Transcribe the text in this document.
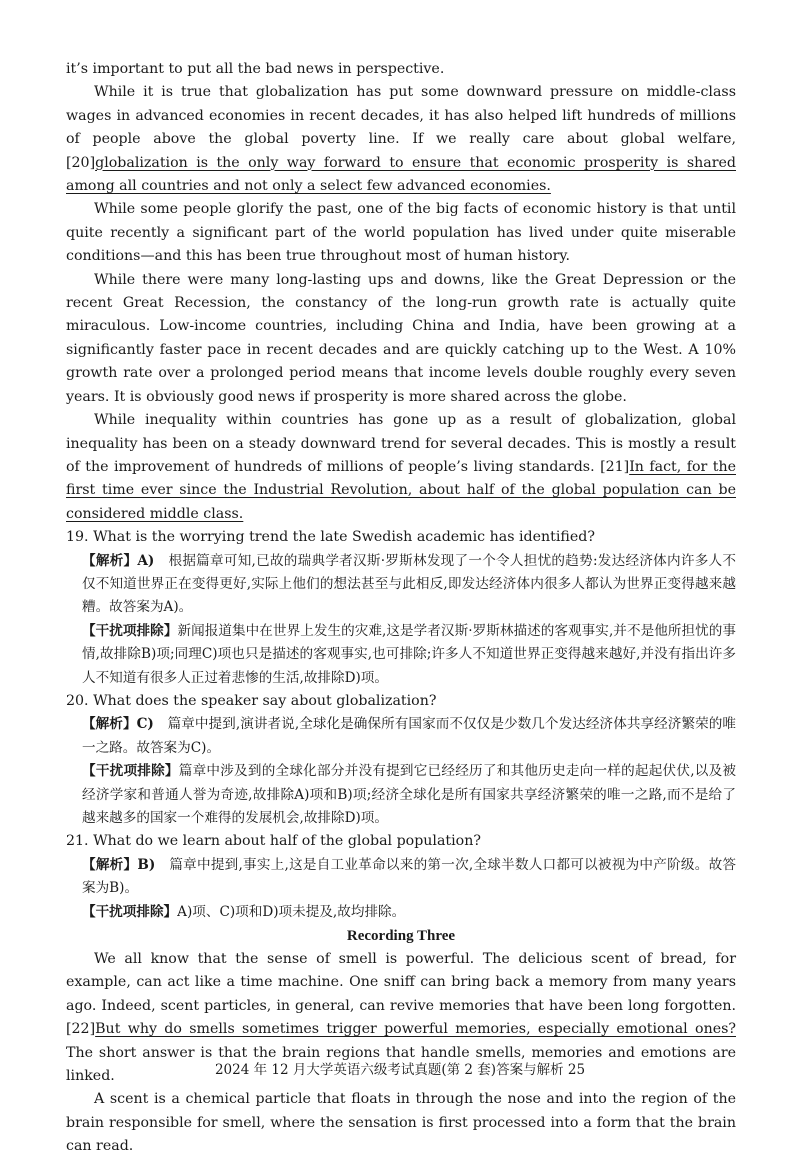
it’s important to put all the bad news in perspective.

While it is true that globalization has put some downward pressure on middle-class wages in advanced economies in recent decades, it has also helped lift hundreds of millions of people above the global poverty line. If we really care about global welfare, [20]globalization is the only way forward to ensure that economic prosperity is shared among all countries and not only a select few advanced economies.

While some people glorify the past, one of the big facts of economic history is that until quite recently a significant part of the world population has lived under quite miserable conditions—and this has been true throughout most of human history.

While there were many long-lasting ups and downs, like the Great Depression or the recent Great Recession, the constancy of the long-run growth rate is actually quite miraculous. Low-income countries, including China and India, have been growing at a significantly faster pace in recent decades and are quickly catching up to the West. A 10% growth rate over a prolonged period means that income levels double roughly every seven years. It is obviously good news if prosperity is more shared across the globe.

While inequality within countries has gone up as a result of globalization, global inequality has been on a steady downward trend for several decades. This is mostly a result of the improvement of hundreds of millions of people’s living standards. [21]In fact, for the first time ever since the Industrial Revolution, about half of the global population can be considered middle class.

19. What is the worrying trend the late Swedish academic has identified?

【解析】A)　 根据篇章可知,已故的瑞典学者汉斯·罗斯林发现了一个令人担忧的趋势:发达经济体内许多人不仅不知道世界正在变得更好,实际上他们的想法甚至与此相反,即发达经济体内很多人都认为世界正变得越来越糟。故答案为A)。

【干扰项排除】新闻报道集中在世界上发生的灾难,这是学者汉斯·罗斯林描述的客观事实,并不是他所担忧的事情,故排除B)项;同理C)项也只是描述的客观事实,也可排除;许多人不知道世界正变得越来越好,并没有指出许多人不知道有很多人正过着悲惨的生活,故排除D)项。

20. What does the speaker say about globalization?

【解析】C)　 篇章中提到,演讲者说,全球化是确保所有国家而不仅仅是少数几个发达经济体共享经济繁荣的唯一之路。故答案为C)。

【干扰项排除】篇章中涉及到的全球化部分并没有提到它已经经历了和其他历史走向一样的起起伏伏,以及被经济学家和普通人誉为奇迹,故排除A)项和B)项;经济全球化是所有国家共享经济繁荣的唯一之路,而不是给了越来越多的国家一个难得的发展机会,故排除D)项。

21. What do we learn about half of the global population?

【解析】B)　 篇章中提到,事实上,这是自工业革命以来的第一次,全球半数人口都可以被视为中产阶级。故答案为B)。

【干扰项排除】A)项、C)项和D)项未提及,故均排除。

Recording Three

We all know that the sense of smell is powerful. The delicious scent of bread, for example, can act like a time machine. One sniff can bring back a memory from many years ago. Indeed, scent particles, in general, can revive memories that have been long forgotten. [22]But why do smells sometimes trigger powerful memories, especially emotional ones? The short answer is that the brain regions that handle smells, memories and emotions are linked.

A scent is a chemical particle that floats in through the nose and into the region of the brain responsible for smell, where the sensation is first processed into a form that the brain can read.

2024 年 12 月大学英语六级考试真题(第 2 套)答案与解析 25
